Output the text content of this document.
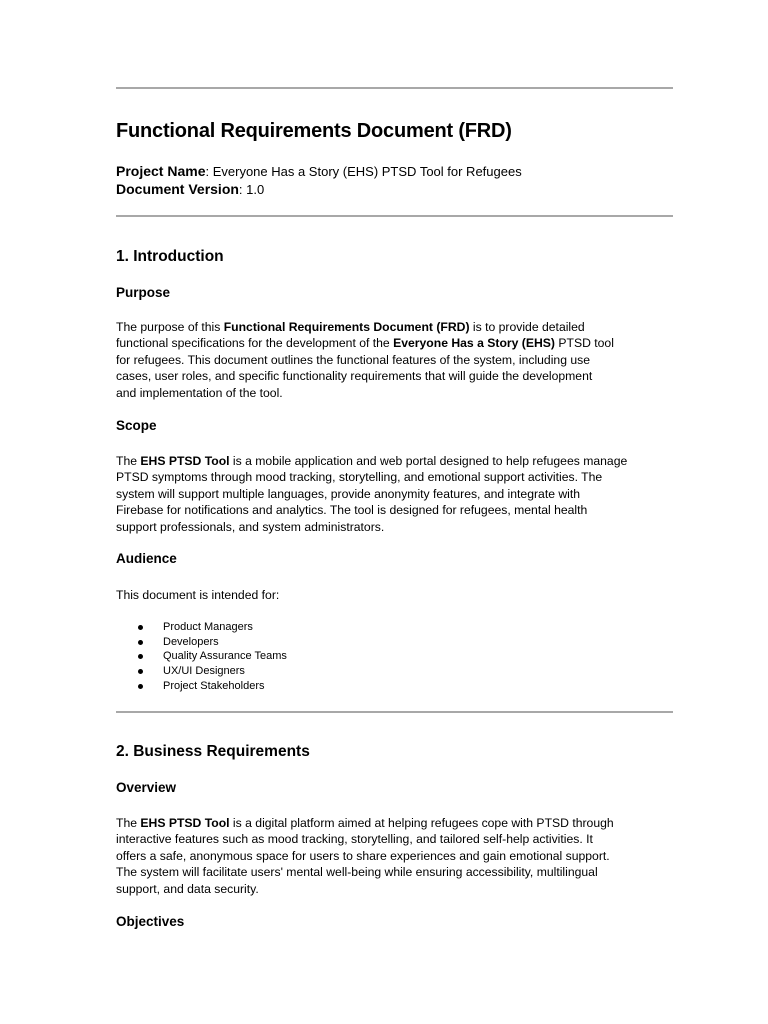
Functional Requirements Document (FRD)
Project Name: Everyone Has a Story (EHS) PTSD Tool for Refugees
Document Version: 1.0
1. Introduction
Purpose
The purpose of this Functional Requirements Document (FRD) is to provide detailed
functional specifications for the development of the Everyone Has a Story (EHS) PTSD tool
for refugees. This document outlines the functional features of the system, including use
cases, user roles, and specific functionality requirements that will guide the development
and implementation of the tool.
Scope
The EHS PTSD Tool is a mobile application and web portal designed to help refugees manage
PTSD symptoms through mood tracking, storytelling, and emotional support activities. The
system will support multiple languages, provide anonymity features, and integrate with
Firebase for notifications and analytics. The tool is designed for refugees, mental health
support professionals, and system administrators.
Audience
This document is intended for:
Product Managers
Developers
Quality Assurance Teams
UX/UI Designers
Project Stakeholders
2. Business Requirements
Overview
The EHS PTSD Tool is a digital platform aimed at helping refugees cope with PTSD through
interactive features such as mood tracking, storytelling, and tailored self-help activities. It
offers a safe, anonymous space for users to share experiences and gain emotional support.
The system will facilitate users' mental well-being while ensuring accessibility, multilingual
support, and data security.
Objectives
